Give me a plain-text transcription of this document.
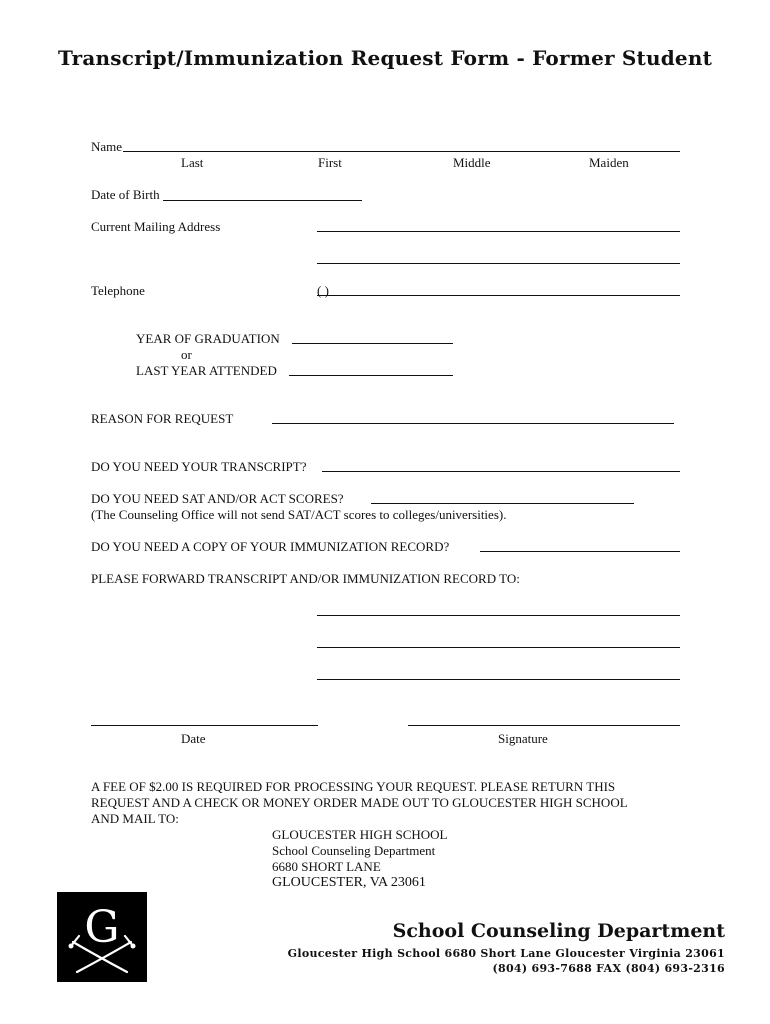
Transcript/Immunization Request Form - Former Student
Name
Last	First	Middle	Maiden
Date of Birth
Current Mailing Address
Telephone	( )
YEAR OF GRADUATION
or
LAST YEAR ATTENDED
REASON FOR REQUEST
DO YOU NEED YOUR TRANSCRIPT?
DO YOU NEED SAT AND/OR ACT SCORES?
(The Counseling Office will not send SAT/ACT scores to colleges/universities).
DO YOU NEED A COPY OF YOUR IMMUNIZATION RECORD?
PLEASE FORWARD TRANSCRIPT AND/OR IMMUNIZATION RECORD TO:
Date	Signature
A FEE OF $2.00 IS REQUIRED FOR PROCESSING YOUR REQUEST. PLEASE RETURN THIS
REQUEST AND A CHECK OR MONEY ORDER MADE OUT TO GLOUCESTER HIGH SCHOOL
AND MAIL TO:
GLOUCESTER HIGH SCHOOL
School Counseling Department
6680 SHORT LANE
GLOUCESTER, VA 23061
G	School Counseling Department
Gloucester High School 6680 Short Lane Gloucester Virginia 23061
(804) 693-7688 FAX (804) 693-2316
